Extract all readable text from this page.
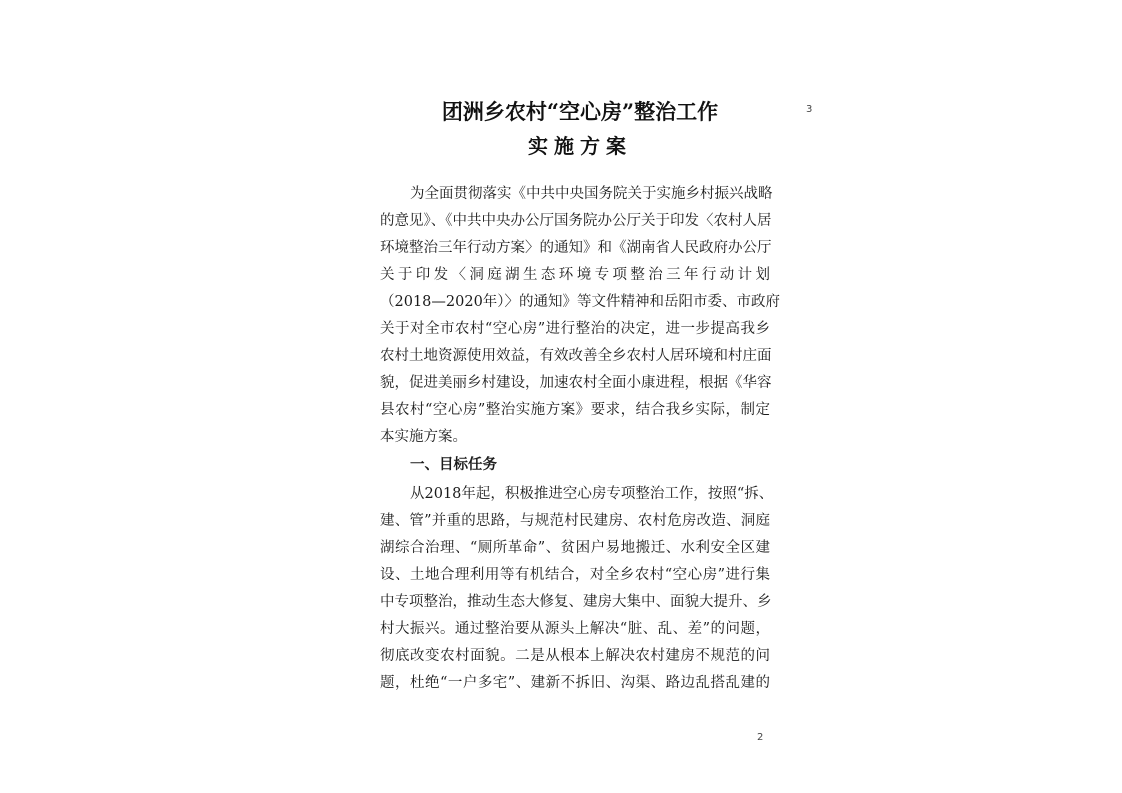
团洲乡农村“空心房”整治工作
实施方案
为全面贯彻落实《中共中央国务院关于实施乡村振兴战略
的意见》、《中共中央办公厅国务院办公厅关于印发〈农村人居
环境整治三年行动方案〉的通知》和《湖南省人民政府办公厅
关于印发〈洞庭湖生态环境专项整治三年行动计划
（2018—2020年）〉的通知》等文件精神和岳阳市委、市政府
关于对全市农村“空心房”进行整治的决定，进一步提高我乡
农村土地资源使用效益，有效改善全乡农村人居环境和村庄面
貌，促进美丽乡村建设，加速农村全面小康进程，根据《华容
县农村“空心房”整治实施方案》要求，结合我乡实际，制定
本实施方案。
一、目标任务
从2018年起，积极推进空心房专项整治工作，按照“拆、
建、管”并重的思路，与规范村民建房、农村危房改造、洞庭
湖综合治理、“厕所革命”、贫困户易地搬迁、水利安全区建
设、土地合理利用等有机结合，对全乡农村“空心房”进行集
中专项整治，推动生态大修复、建房大集中、面貌大提升、乡
村大振兴。通过整治要从源头上解决“脏、乱、差”的问题，
彻底改变农村面貌。二是从根本上解决农村建房不规范的问
题，杜绝“一户多宅”、建新不拆旧、沟渠、路边乱搭乱建的
3
2
